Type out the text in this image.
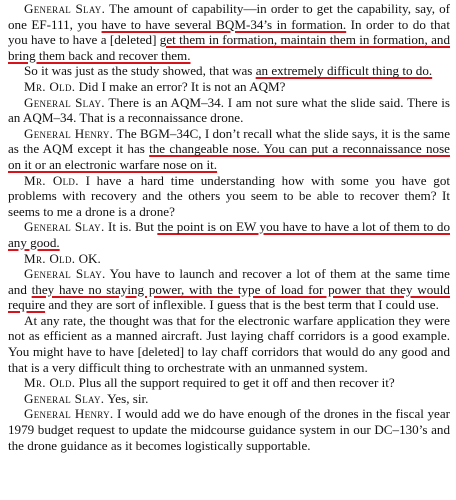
General Slay. The amount of capability—in order to get the capability, say, of one EF-111, you have to have several BQM-34’s in formation. In order to do that you have to have a [deleted] get them in formation, maintain them in formation, and bring them back and recover them.

So it was just as the study showed, that was an extremely difficult thing to do.

Mr. Old. Did I make an error? It is not an AQM?

General Slay. There is an AQM–34. I am not sure what the slide said. There is an AQM–34. That is a reconnaissance drone.

General Henry. The BGM–34C, I don’t recall what the slide says, it is the same as the AQM except it has the changeable nose. You can put a reconnaissance nose on it or an electronic warfare nose on it.

Mr. Old. I have a hard time understanding how with some you have got problems with recovery and the others you seem to be able to recover them? It seems to me a drone is a drone?

General Slay. It is. But the point is on EW you have to have a lot of them to do any good.

Mr. Old. OK.

General Slay. You have to launch and recover a lot of them at the same time and they have no staying power, with the type of load for power that they would require and they are sort of inflexible. I guess that is the best term that I could use.

At any rate, the thought was that for the electronic warfare application they were not as efficient as a manned aircraft. Just laying chaff corridors is a good example. You might have to have [deleted] to lay chaff corridors that would do any good and that is a very difficult thing to orchestrate with an unmanned system.

Mr. Old. Plus all the support required to get it off and then recover it?

General Slay. Yes, sir.

General Henry. I would add we do have enough of the drones in the fiscal year 1979 budget request to update the midcourse guidance system in our DC–130’s and the drone guidance as it becomes logistically supportable.
